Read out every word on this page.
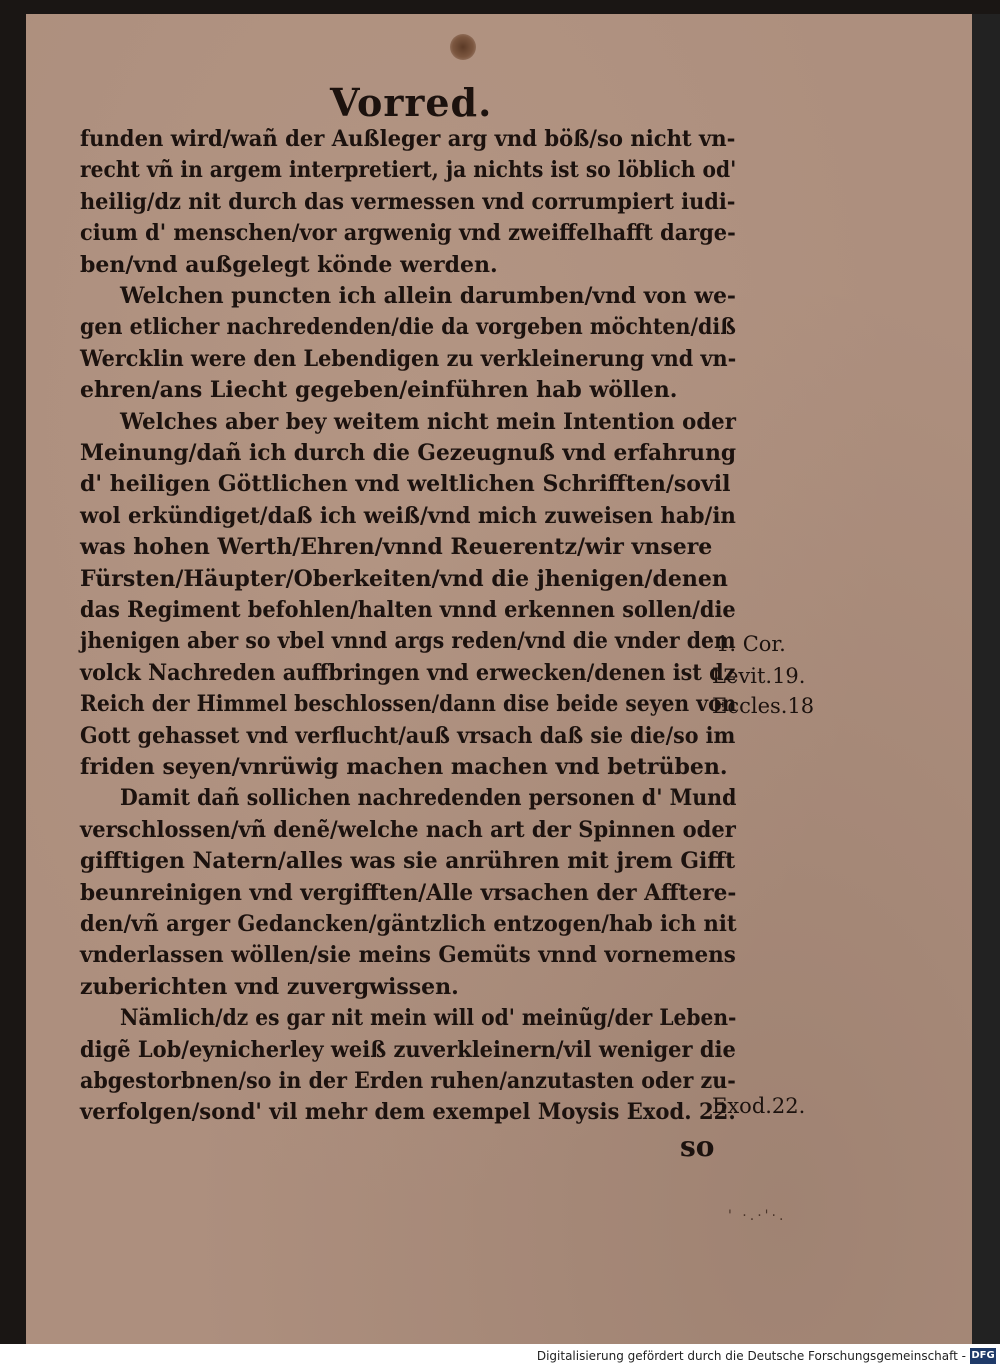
Vorred.
funden wird/wañ der Außleger arg vnd böß/so nicht vn-
recht vñ in argem interpretiert, ja nichts ist so löblich od'
heilig/dz nit durch das vermessen vnd corrumpiert iudi-
cium d' menschen/vor argwenig vnd zweiffelhafft darge-
ben/vnd außgelegt könde werden.
Welchen puncten ich allein darumben/vnd von we-
gen etlicher nachredenden/die da vorgeben möchten/diß
Wercklin were den Lebendigen zu verkleinerung vnd vn-
ehren/ans Liecht gegeben/einführen hab wöllen.
Welches aber bey weitem nicht mein Intention oder
Meinung/dañ ich durch die Gezeugnuß vnd erfahrung
d' heiligen Göttlichen vnd weltlichen Schrifften/sovil
wol erkündiget/daß ich weiß/vnd mich zuweisen hab/in
was hohen Werth/Ehren/vnnd Reuerentz/wir vnsere
Fürsten/Häupter/Oberkeiten/vnd die jhenigen/denen
das Regiment befohlen/halten vnnd erkennen sollen/die
jhenigen aber so vbel vnnd args reden/vnd die vnder dem
volck Nachreden auffbringen vnd erwecken/denen ist dz
Reich der Himmel beschlossen/dann dise beide seyen von
Gott gehasset vnd verflucht/auß vrsach daß sie die/so im
friden seyen/vnrüwig machen machen vnd betrüben.
Damit dañ sollichen nachredenden personen d' Mund
verschlossen/vñ denẽ/welche nach art der Spinnen oder
gifftigen Natern/alles was sie anrühren mit jrem Gifft
beunreinigen vnd vergifften/Alle vrsachen der Afftere-
den/vñ arger Gedancken/gäntzlich entzogen/hab ich nit
vnderlassen wöllen/sie meins Gemüts vnnd vornemens
zuberichten vnd zuvergwissen.
Nämlich/dz es gar nit mein will od' meinũg/der Leben-
digẽ Lob/eynicherley weiß zuverkleinern/vil weniger die
abgestorbnen/so in der Erden ruhen/anzutasten oder zu-
verfolgen/sond' vil mehr dem exempel Moysis Exod. 22.
Digitalisierung gefördert durch die Deutsche Forschungsgemeinschaft - DFG
1. Cor.
Levit.19.
Eccles.18
Exod.22.
so
' ·.·'·.
